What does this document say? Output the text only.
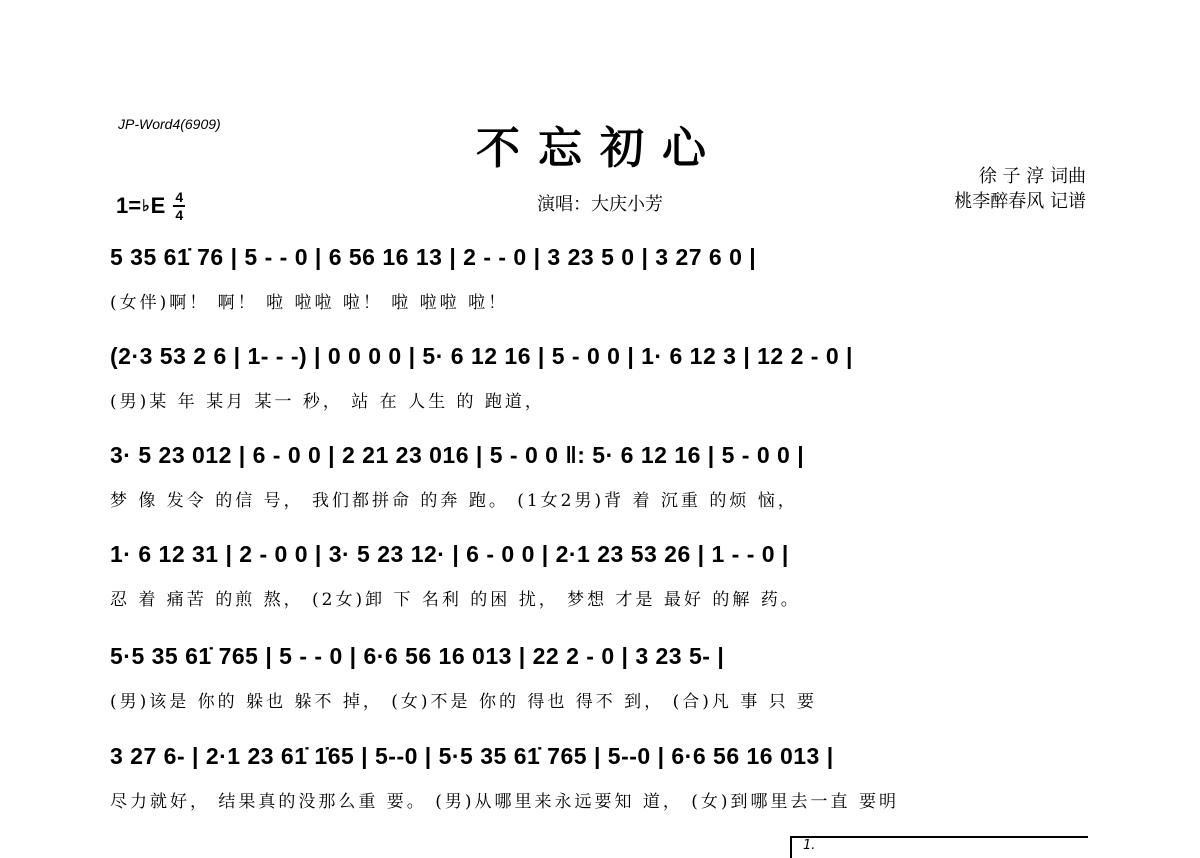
JP-Word4(6909)	不忘初心
徐 子 淳 词曲
桃李醉春风 记谱
演唱：大庆小芳
1= ♭ E 4
4
5 35 61̇ 76 | 5 - - 0 | 6 56 16 13 | 2 - - 0 | 3 23 5 0 | 3 27 6 0 |
(女伴)啊！ 啊！ 啦 啦啦 啦！ 啦 啦啦 啦！
(2·3 53 2 6 | 1- - -) | 0 0 0 0 | 5· 6 12 16 | 5 - 0 0 | 1· 6 12 3 | 12 2 - 0 |
(男)某 年 某月 某一 秒， 站 在 人生 的 跑道，
3· 5 23 012 | 6 - 0 0 | 2 21 23 016 | 5 - 0 0 ‖: 5· 6 12 16 | 5 - 0 0 |
梦 像 发令 的信 号， 我们都拼命 的奔 跑。 (1女2男)背 着 沉重 的烦 恼，
1· 6 12 31 | 2 - 0 0 | 3· 5 23 12· | 6 - 0 0 | 2·1 23 53 26 | 1 - - 0 |
忍 着 痛苦 的煎 熬， (2女)卸 下 名利 的困 扰， 梦想 才是 最好 的解 药。
5·5 35 61̇ 765 | 5 - - 0 | 6·6 56 16 013 | 22 2 - 0 | 3 23 5- |
(男)该是 你的 躲也 躲不 掉， (女)不是 你的 得也 得不 到， (合)凡 事 只 要
3 27 6- | 2·1 23 61̇ 1̇65 | 5--0 | 5·5 35 61̇ 765 | 5--0 | 6·6 56 16 013 |
尽力就好， 结果真的没那么重 要。 (男)从哪里来永远要知 道， (女)到哪里去一直 要明
1.
